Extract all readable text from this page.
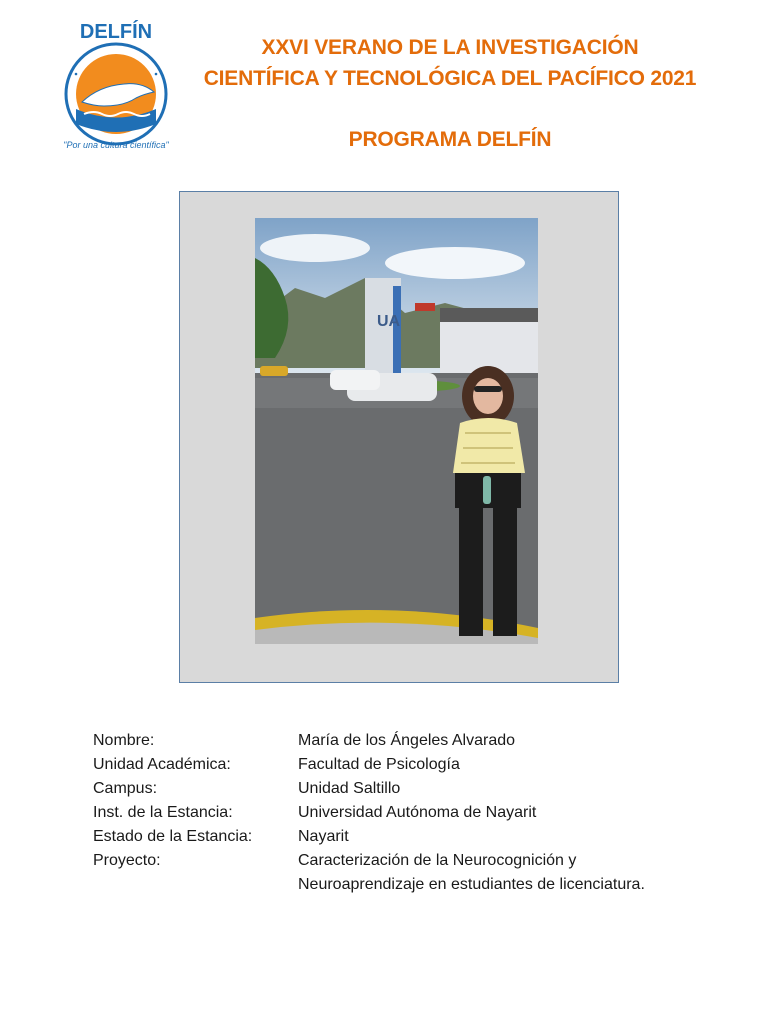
DELFÍN
"Por una cultura científica"
XXVI VERANO DE LA INVESTIGACIÓN
CIENTÍFICA Y TECNOLÓGICA DEL PACÍFICO 2021
PROGRAMA DELFÍN
UA
Nombre:	María de los Ángeles Alvarado
Unidad Académica:	Facultad de Psicología
Campus:	Unidad Saltillo
Inst. de la Estancia:	Universidad Autónoma de Nayarit
Estado de la Estancia:	Nayarit
Proyecto:	Caracterización de la Neurocognición y
Neuroaprendizaje en estudiantes de licenciatura.
